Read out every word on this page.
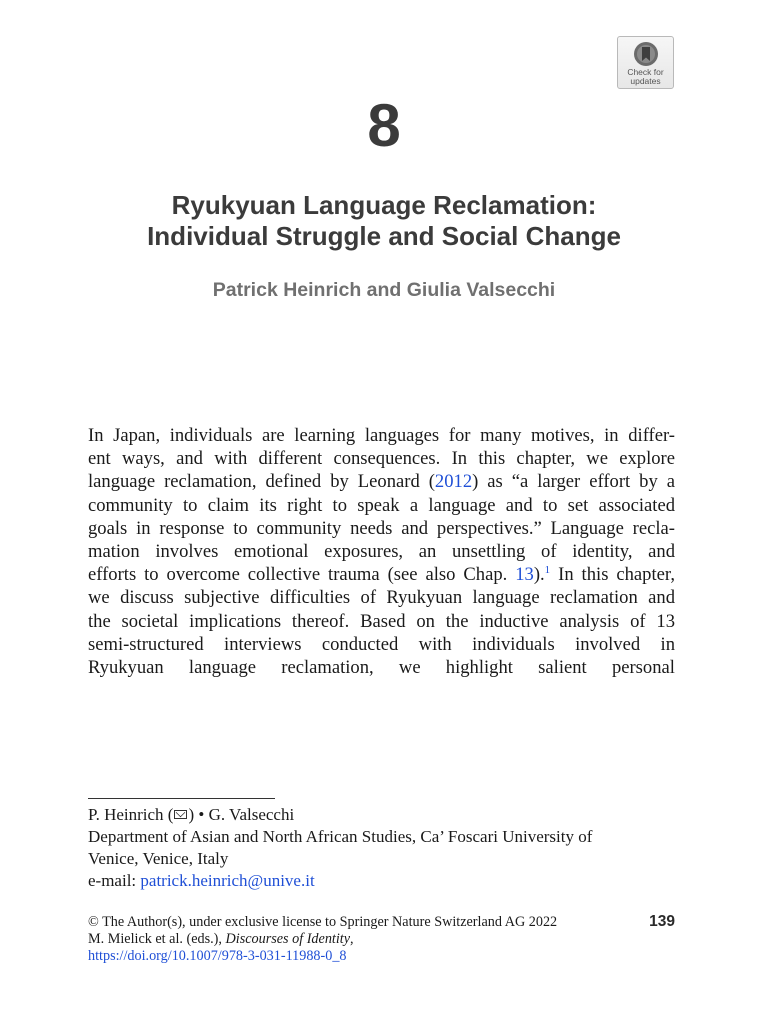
Check for
updates
8
Ryukyuan Language Reclamation:
Individual Struggle and Social Change
Patrick Heinrich and Giulia Valsecchi
In Japan, individuals are learning languages for many motives, in differ-
ent ways, and with different consequences. In this chapter, we explore
language reclamation, defined by Leonard (2012) as “a larger effort by a
community to claim its right to speak a language and to set associated
goals in response to community needs and perspectives.” Language recla-
mation involves emotional exposures, an unsettling of identity, and
efforts to overcome collective trauma (see also Chap. 13).$^1$ In this chapter,
we discuss subjective difficulties of Ryukyuan language reclamation and
the societal implications thereof. Based on the inductive analysis of 13
semi-structured interviews conducted with individuals involved in
Ryukyuan language reclamation, we highlight salient personal
P. Heinrich ( ) • G. Valsecchi
Department of Asian and North African Studies, Ca’ Foscari University of
Venice, Venice, Italy
e-mail: patrick.heinrich@unive.it
© The Author(s), under exclusive license to Springer Nature Switzerland AG 2022
M. Mielick et al. (eds.), Discourses of Identity,
https://doi.org/10.1007/978-3-031-11988-0_8
139
